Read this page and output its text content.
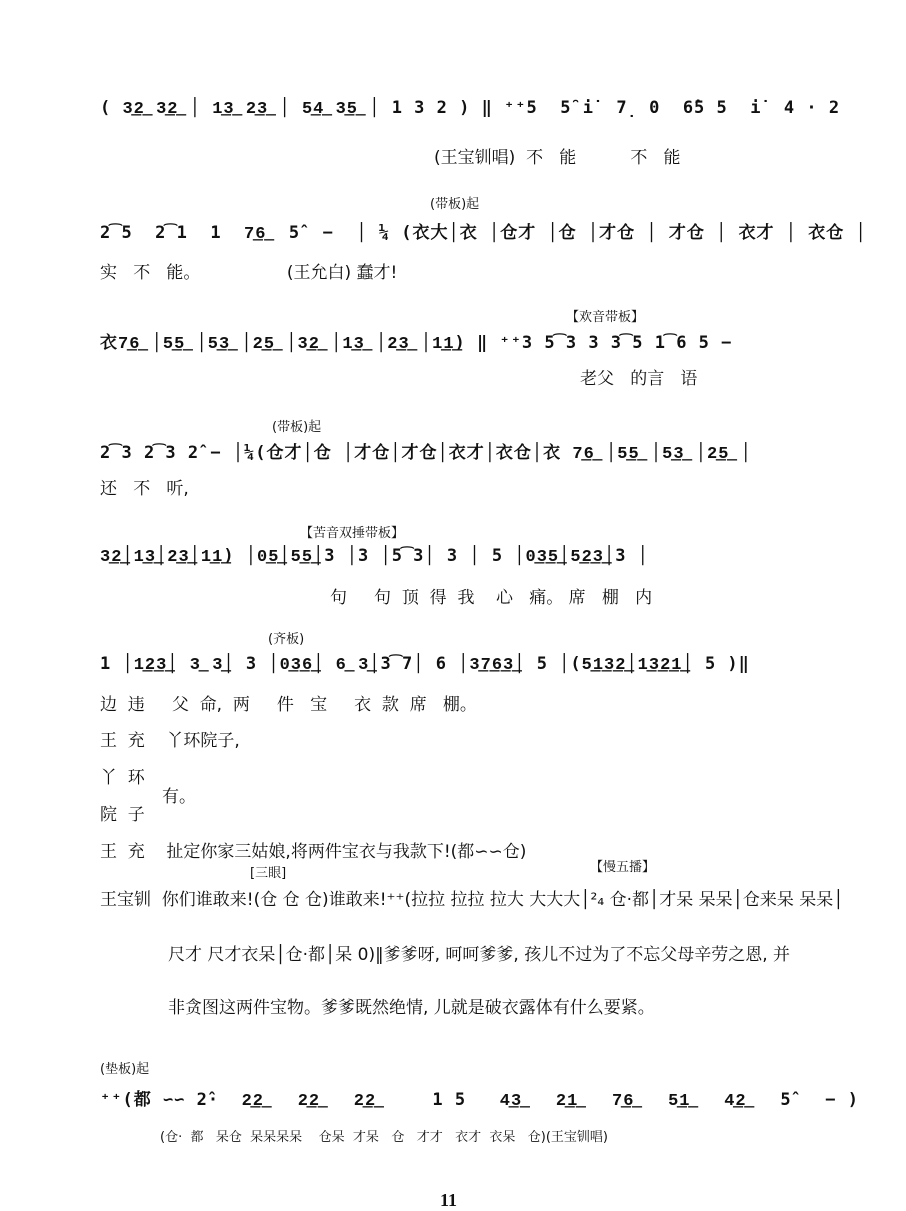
( 3͟2͟ 3͟2͟ │ 1͟3͟ 2͟3͟ │ 5͟4͟ 3͟5͟ │ 1 3 2 ) ‖ ⁺⁺5  5̑ i̇  7̣ 0  6̂5 5  i̇  4 · 2
(王宝钏唱)  不   能          不   能
(带板)起
2͡5  2͡1  1  7͟6͟  5̂  −  │ ¼ (衣大│衣 │仓才 │仓 │才仓 │ 才仓 │ 衣才 │ 衣仓 │
实   不   能。                (王允白) 蠢才!
【欢音带板】
衣7͟6͟ │5͟5͟ │5͟3͟ │2͟5͟ │3͟2͟ │1͟3͟ │2͟3͟ │1͟1͟) ‖ ⁺⁺3 5͡3 3 3͡5 1͡6 5 −
老父   的言   语
(带板)起
2͡3 2͡3 2̂ − │¼(仓才│仓 │才仓│才仓│衣才│衣仓│衣 7͟6͟ │5͟5͟ │5͟3͟ │2͟5͟ │
还   不   听,
【苦音双捶带板】
3͟2͟│1͟3͟│2͟3͟│1͟1͟) │0͟5͟│5͟5͟│3 │3 │5͡3│ 3 │ 5 │0͟3͟5͟│5͟2͟3͟│3 │
句     句  顶  得  我    心   痛。 席   棚   内
(齐板)
1 │1͟2͟3͟│ 3͟ 3͟│ 3 │0͟3͟6͟│ 6͟ 3͟│3͡7│ 6 │3͟7͟6͟3͟│ 5 │(5͟1͟3͟2͟│1͟3͟2͟1͟│ 5 )‖
边  违     父  命,  两     件   宝     衣  款  席   棚。
王  充    丫环院子,
丫  环
有。
院  子
王  充    扯定你家三姑娘,将两件宝衣与我款下!(都∽∽仓)
[三眼]	【慢五播】
(垫板)起
王宝钏  你们谁敢来!(仓 仓 仓)谁敢来!⁺⁺(拉拉 拉拉 拉大 大大大│²₄ 仓·都│才呆 呆呆│仓来呆 呆呆│
尺才 尺才衣呆│仓·都│呆 0)‖爹爹呀, 呵呵爹爹, 孩儿不过为了不忘父母辛劳之恩, 并
非贪图这两件宝物。爹爹既然绝情, 儿就是破衣露体有什么要紧。
⁺⁺(都 ∽∽ 2̂·  2͟2͟   2͟2͟   2͟2͟     1 5   4͟3͟   2͟1͟   7͟6͟   5͟1͟   4͟2͟   5̂   − )
(仓·  都   呆仓  呆呆呆呆    仓呆  才呆   仓   才才   衣才  衣呆   仓)(王宝钏唱)
11
